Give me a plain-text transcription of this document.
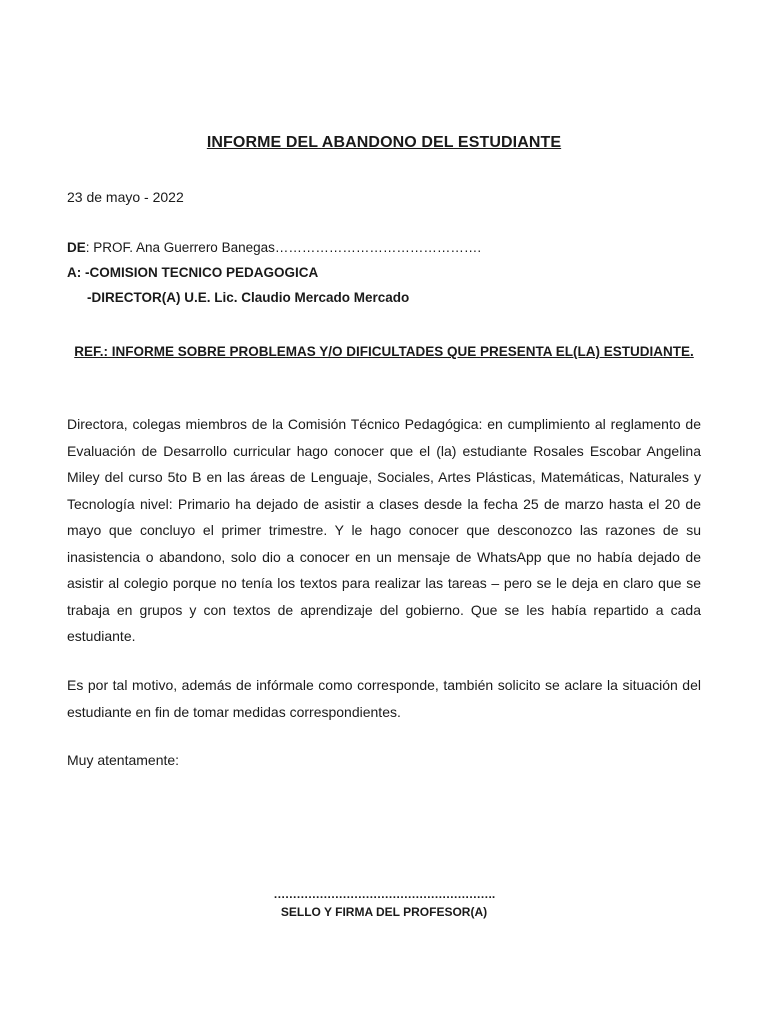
INFORME DEL ABANDONO DEL ESTUDIANTE
23 de mayo - 2022
DE: PROF. Ana Guerrero Banegas……………………………………….
A: -COMISION TECNICO PEDAGOGICA
-DIRECTOR(A) U.E. Lic. Claudio Mercado Mercado
REF.: INFORME SOBRE PROBLEMAS Y/O DIFICULTADES QUE PRESENTA EL(LA) ESTUDIANTE.
Directora, colegas miembros de la Comisión Técnico Pedagógica: en cumplimiento al reglamento de Evaluación de Desarrollo curricular hago conocer que el (la) estudiante Rosales Escobar Angelina Miley del curso 5to B en las áreas de Lenguaje, Sociales, Artes Plásticas, Matemáticas, Naturales y Tecnología nivel: Primario ha dejado de asistir a clases desde la fecha 25 de marzo hasta el 20 de mayo que concluyo el primer trimestre. Y le hago conocer que desconozco las razones de su inasistencia o abandono, solo dio a conocer en un mensaje de WhatsApp que no había dejado de asistir al colegio porque no tenía los textos para realizar las tareas – pero se le deja en claro que se trabaja en grupos y con textos de aprendizaje del gobierno. Que se les había repartido a cada estudiante.
Es por tal motivo, además de infórmale como corresponde, también solicito se aclare la situación del estudiante en fin de tomar medidas correspondientes.
Muy atentamente:
………………………………………………….
SELLO Y FIRMA DEL PROFESOR(A)
